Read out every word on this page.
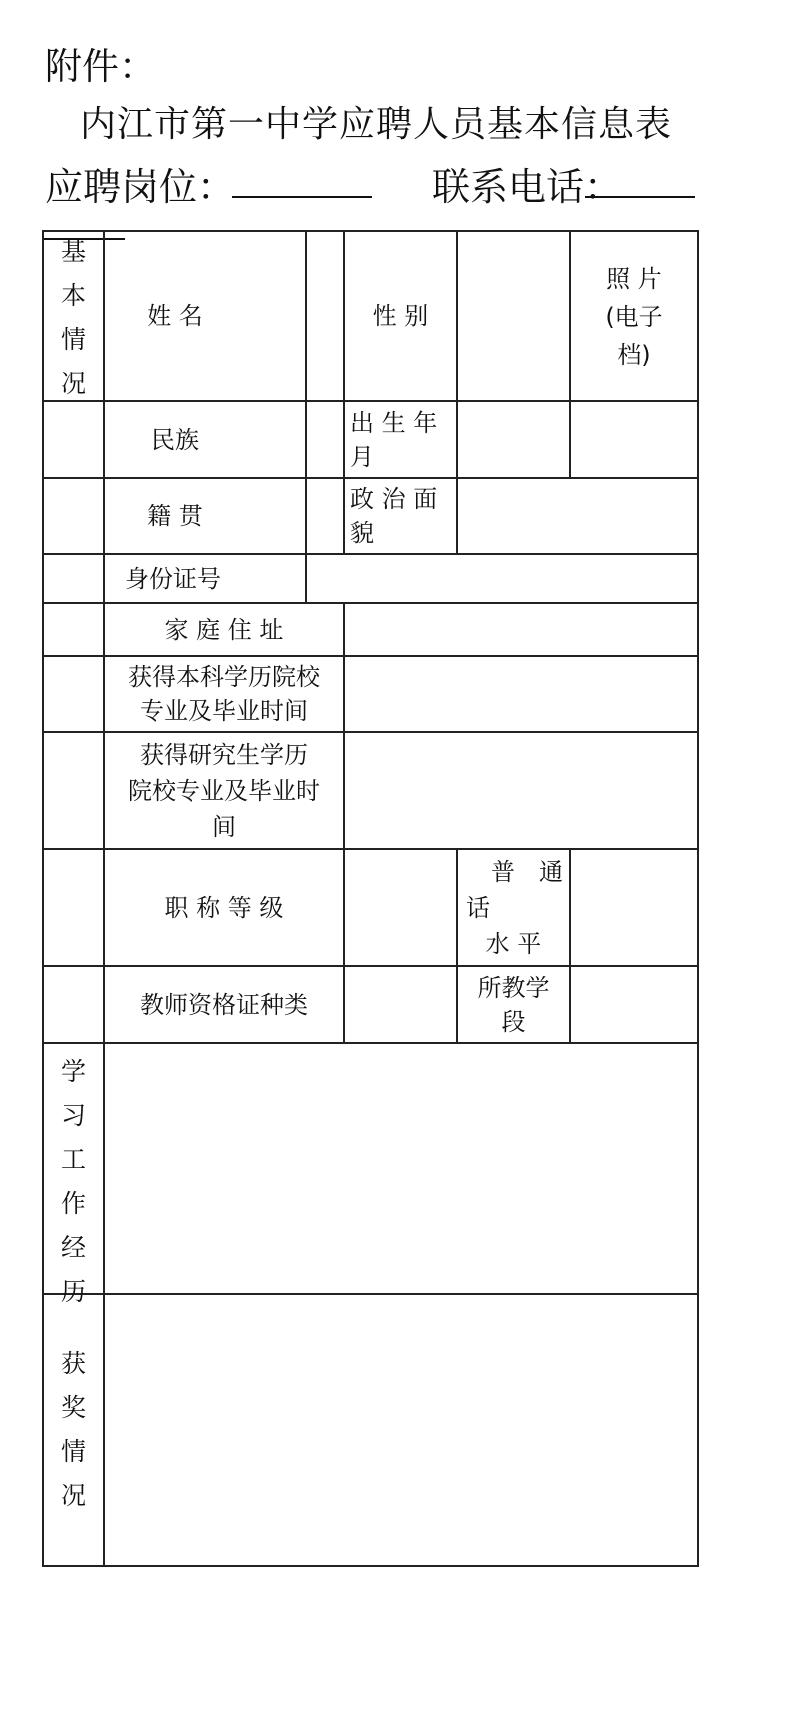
附件：
内江市第一中学应聘人员基本信息表
应聘岗位：	联系电话：
基
本
情
况
姓 名	性 别
照 片
(电子
档)
民族
出 生 年
月
籍 贯
政 治 面
貌
身份证号
家 庭 住 址
获得本科学历院校
专业及毕业时间
获得研究生学历
院校专业及毕业时
间
职 称 等 级
普　通
话
水 平
教师资格证种类
所教学
段
学
习
工
作
经
历
获
奖
情
况
